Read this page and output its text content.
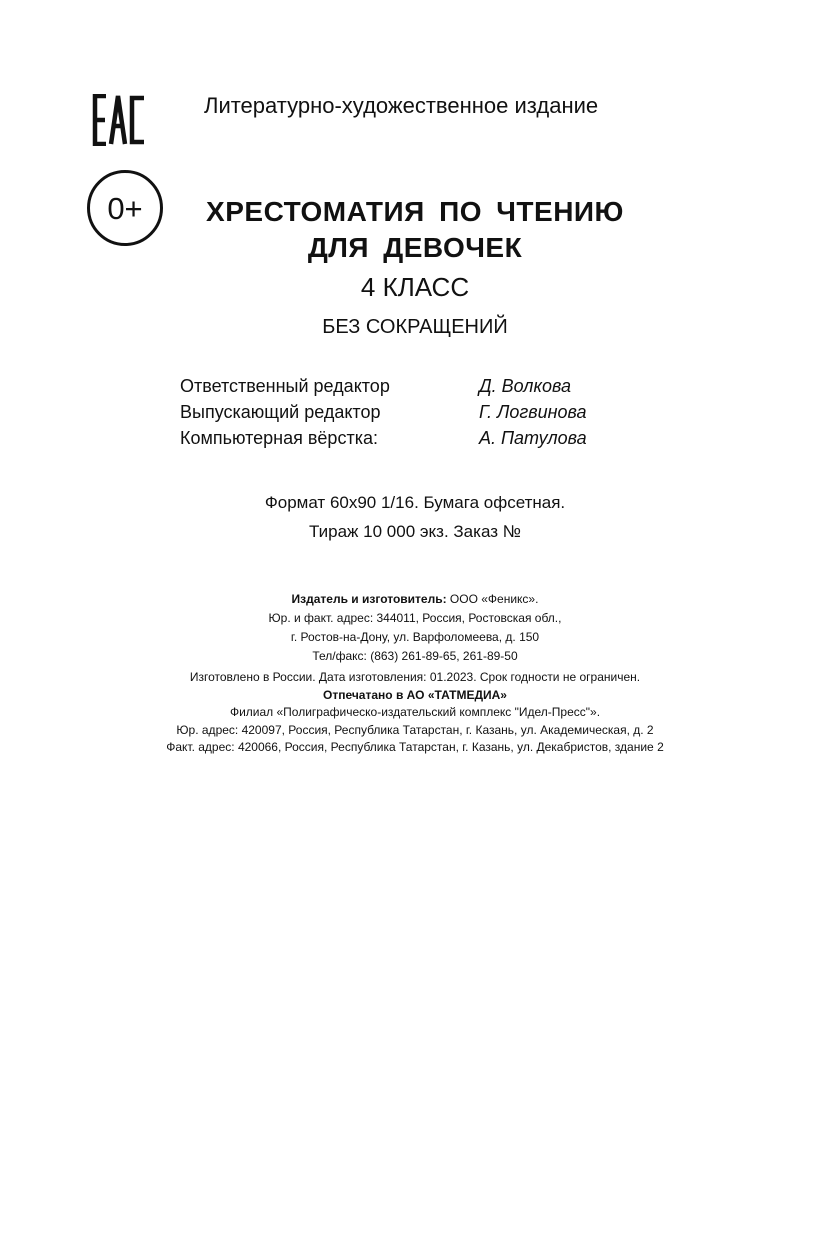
0+
Литературно-художественное издание
ХРЕСТОМАТИЯ ПО ЧТЕНИЮ
ДЛЯ ДЕВОЧЕК
4 КЛАСС
БЕЗ СОКРАЩЕНИЙ
Ответственный редактор	Д. Волкова
Выпускающий редактор	Г. Логвинова
Компьютерная вёрстка:	А. Патулова
Формат 60x90 1/16. Бумага офсетная.
Тираж 10 000 экз. Заказ №
Издатель и изготовитель: ООО «Феникс».
Юр. и факт. адрес: 344011, Россия, Ростовская обл.,
г. Ростов-на-Дону, ул. Варфоломеева, д. 150
Тел/факс: (863) 261-89-65, 261-89-50
Изготовлено в России. Дата изготовления: 01.2023. Срок годности не ограничен.
Отпечатано в АО «ТАТМЕДИА»
Филиал «Полиграфическо-издательский комплекс "Идел-Пресс"».
Юр. адрес: 420097, Россия, Республика Татарстан, г. Казань, ул. Академическая, д. 2
Факт. адрес: 420066, Россия, Республика Татарстан, г. Казань, ул. Декабристов, здание 2
